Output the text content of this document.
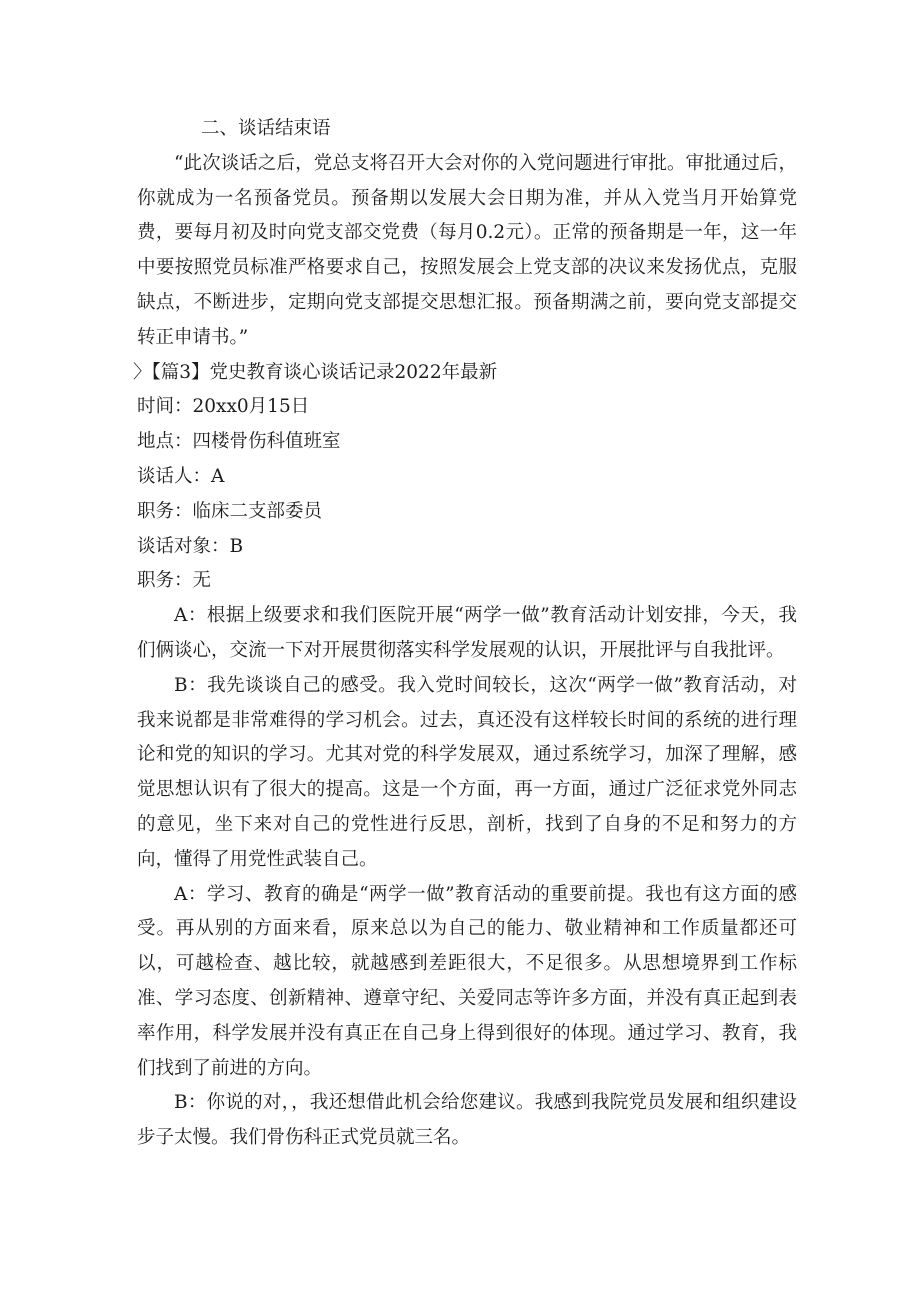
二、谈话结束语

“此次谈话之后，党总支将召开大会对你的入党问题进行审批。审批通过后，你就成为一名预备党员。预备期以发展大会日期为准，并从入党当月开始算党费，要每月初及时向党支部交党费（每月0.2元）。正常的预备期是一年，这一年中要按照党员标准严格要求自己，按照发展会上党支部的决议来发扬优点，克服缺点，不断进步，定期向党支部提交思想汇报。预备期满之前，要向党支部提交转正申请书。”

〉【篇3】党史教育谈心谈话记录2022年最新

时间：20xx0月15日

地点：四楼骨伤科值班室

谈话人：A

职务：临床二支部委员

谈话对象：B

职务：无

A：根据上级要求和我们医院开展“两学一做”教育活动计划安排，今天，我们俩谈心，交流一下对开展贯彻落实科学发展观的认识，开展批评与自我批评。

B：我先谈谈自己的感受。我入党时间较长，这次“两学一做”教育活动，对我来说都是非常难得的学习机会。过去，真还没有这样较长时间的系统的进行理论和党的知识的学习。尤其对党的科学发展双，通过系统学习，加深了理解，感觉思想认识有了很大的提高。这是一个方面，再一方面，通过广泛征求党外同志的意见，坐下来对自己的党性进行反思，剖析，找到了自身的不足和努力的方向，懂得了用党性武装自己。

A：学习、教育的确是“两学一做”教育活动的重要前提。我也有这方面的感受。再从别的方面来看，原来总以为自己的能力、敬业精神和工作质量都还可以，可越检查、越比较，就越感到差距很大，不足很多。从思想境界到工作标准、学习态度、创新精神、遵章守纪、关爱同志等许多方面，并没有真正起到表率作用，科学发展并没有真正在自己身上得到很好的体现。通过学习、教育，我们找到了前进的方向。

B：你说的对，，我还想借此机会给您建议。我感到我院党员发展和组织建设步子太慢。我们骨伤科正式党员就三名。
